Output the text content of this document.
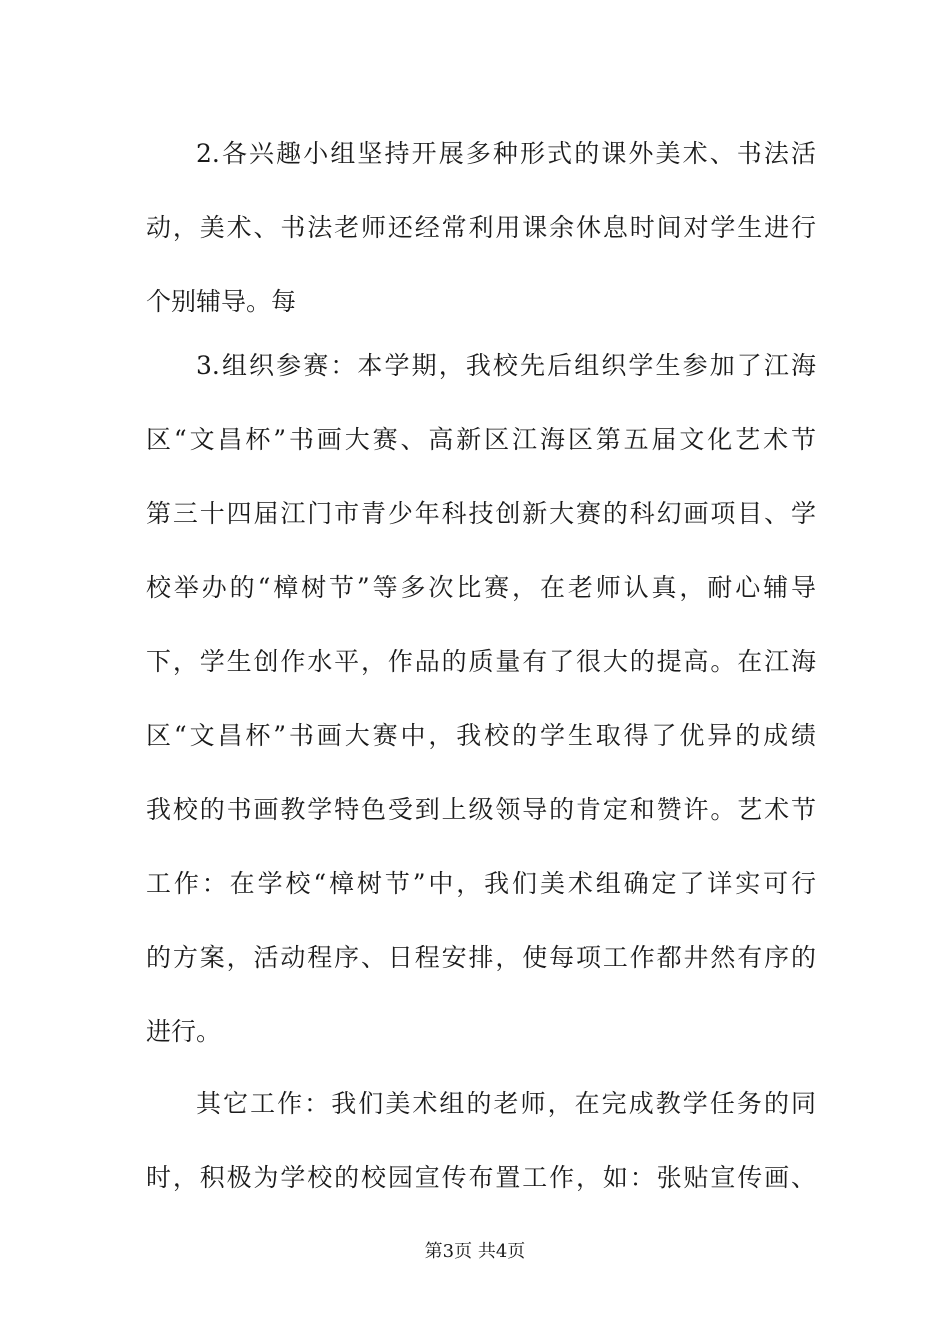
2.各兴趣小组坚持开展多种形式的课外美术、书法活
动，美术、书法老师还经常利用课余休息时间对学生进行
个别辅导。每
3.组织参赛：本学期，我校先后组织学生参加了江海
区“文昌杯”书画大赛、高新区江海区第五届文化艺术节
第三十四届江门市青少年科技创新大赛的科幻画项目、学
校举办的“樟树节”等多次比赛，在老师认真，耐心辅导
下，学生创作水平，作品的质量有了很大的提高。在江海
区“文昌杯”书画大赛中，我校的学生取得了优异的成绩
我校的书画教学特色受到上级领导的肯定和赞许。艺术节
工作：在学校“樟树节”中，我们美术组确定了详实可行
的方案，活动程序、日程安排，使每项工作都井然有序的
进行。
其它工作：我们美术组的老师，在完成教学任务的同
时，积极为学校的校园宣传布置工作，如：张贴宣传画、
第3页 共4页
